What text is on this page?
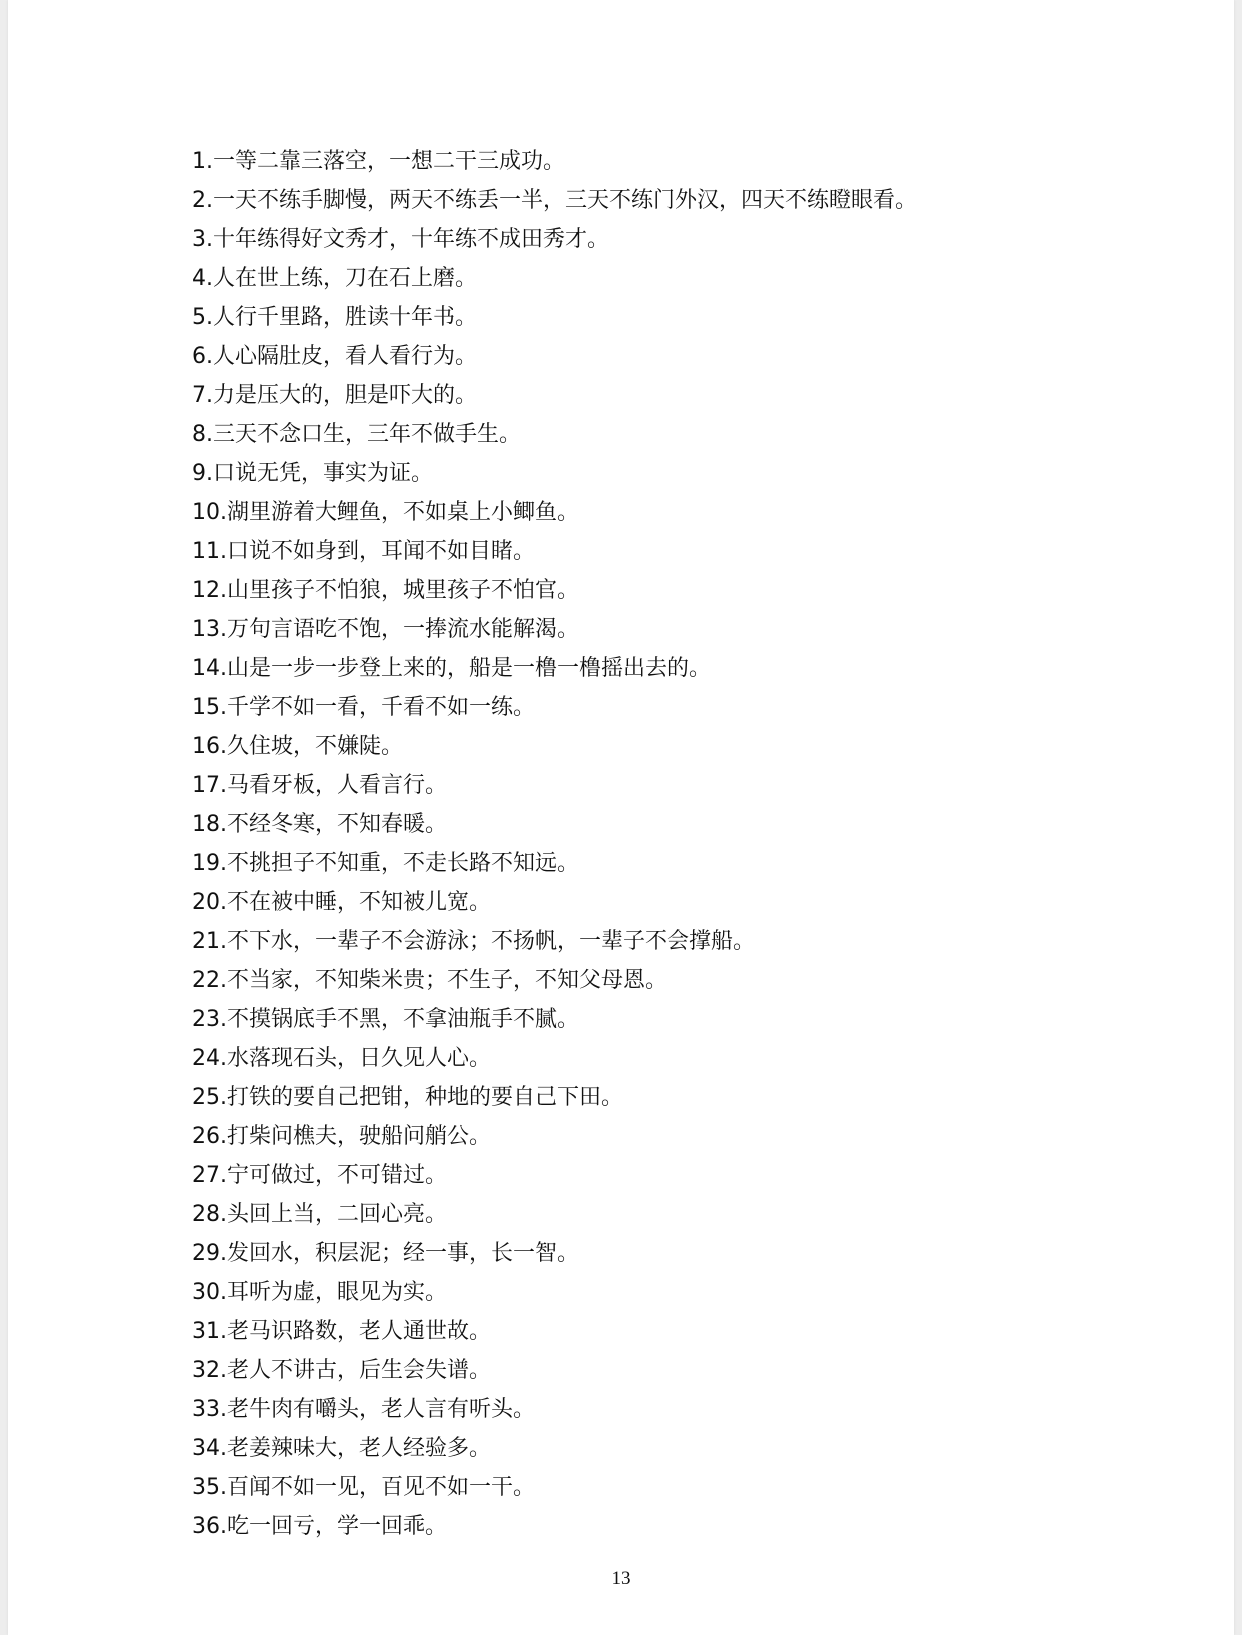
1.一等二靠三落空，一想二干三成功。
2.一天不练手脚慢，两天不练丢一半，三天不练门外汉，四天不练瞪眼看。
3.十年练得好文秀才，十年练不成田秀才。
4.人在世上练，刀在石上磨。
5.人行千里路，胜读十年书。
6.人心隔肚皮，看人看行为。
7.力是压大的，胆是吓大的。
8.三天不念口生，三年不做手生。
9.口说无凭，事实为证。
10.湖里游着大鲤鱼，不如桌上小鲫鱼。
11.口说不如身到，耳闻不如目睹。
12.山里孩子不怕狼，城里孩子不怕官。
13.万句言语吃不饱，一捧流水能解渴。
14.山是一步一步登上来的，船是一橹一橹摇出去的。
15.千学不如一看，千看不如一练。
16.久住坡，不嫌陡。
17.马看牙板，人看言行。
18.不经冬寒，不知春暖。
19.不挑担子不知重，不走长路不知远。
20.不在被中睡，不知被儿宽。
21.不下水，一辈子不会游泳；不扬帆，一辈子不会撑船。
22.不当家，不知柴米贵；不生子，不知父母恩。
23.不摸锅底手不黑，不拿油瓶手不腻。
24.水落现石头，日久见人心。
25.打铁的要自己把钳，种地的要自己下田。
26.打柴问樵夫，驶船问艄公。
27.宁可做过，不可错过。
28.头回上当，二回心亮。
29.发回水，积层泥；经一事，长一智。
30.耳听为虚，眼见为实。
31.老马识路数，老人通世故。
32.老人不讲古，后生会失谱。
33.老牛肉有嚼头，老人言有听头。
34.老姜辣味大，老人经验多。
35.百闻不如一见，百见不如一干。
36.吃一回亏，学一回乖。
13
